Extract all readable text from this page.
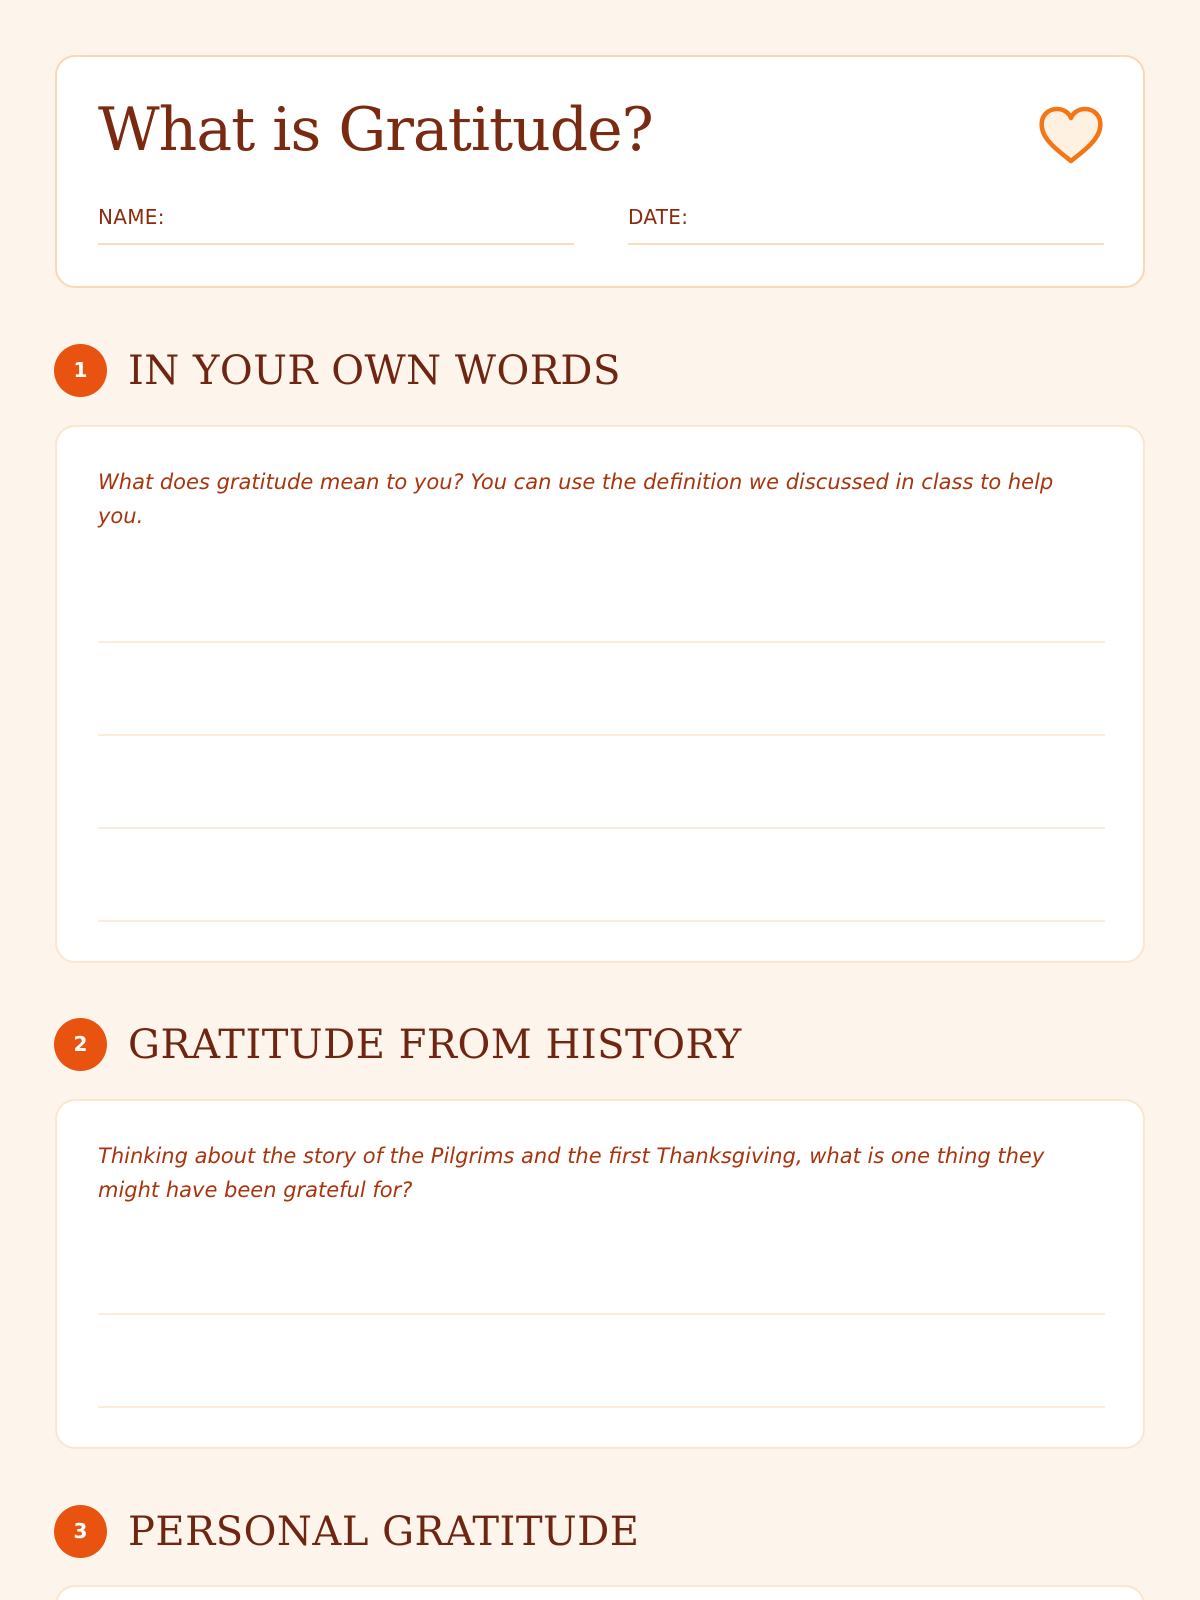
What is Gratitude?
NAME:	DATE:
1	IN YOUR OWN WORDS

What does gratitude mean to you? You can use the definition we discussed in class to help you.

2	GRATITUDE FROM HISTORY

Thinking about the story of the Pilgrims and the first Thanksgiving, what is one thing they might have been grateful for?

3	PERSONAL GRATITUDE
